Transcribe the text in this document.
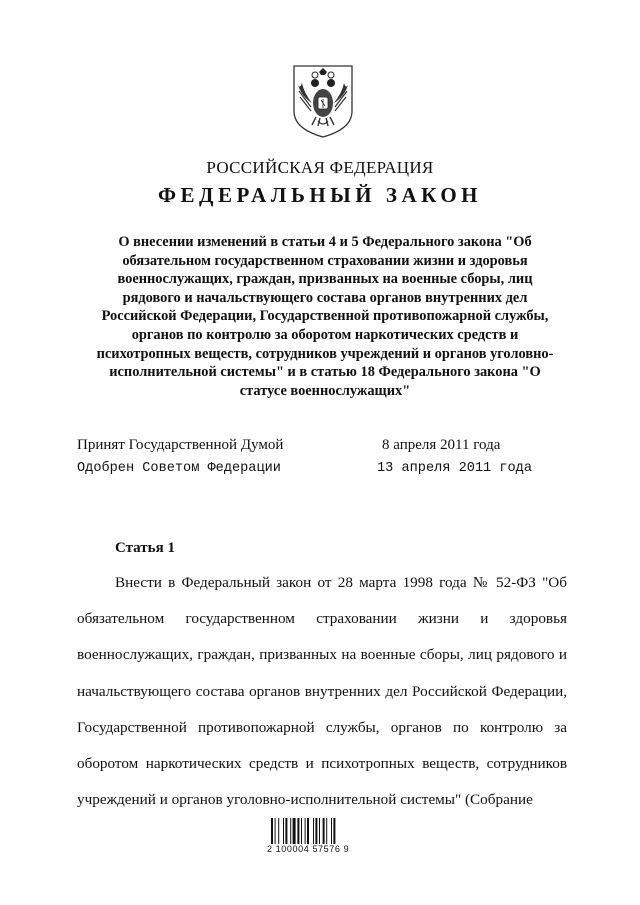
РОССИЙСКАЯ ФЕДЕРАЦИЯ
ФЕДЕРАЛЬНЫЙ ЗАКОН
О внесении изменений в статьи 4 и 5 Федерального закона "Об обязательном государственном страховании жизни и здоровья военнослужащих, граждан, призванных на военные сборы, лиц рядового и начальствующего состава органов внутренних дел Российской Федерации, Государственной противопожарной службы, органов по контролю за оборотом наркотических средств и психотропных веществ, сотрудников учреждений и органов уголовно-исполнительной системы" и в статью 18 Федерального закона "О статусе военнослужащих"
Принят Государственной Думой	8 апреля 2011 года
Одобрен Советом Федерации	13 апреля 2011 года
Статья 1

Внести в Федеральный закон от 28 марта 1998 года № 52-ФЗ "Об обязательном государственном страховании жизни и здоровья военнослужащих, граждан, призванных на военные сборы, лиц рядового и начальствующего состава органов внутренних дел Российской Федерации, Государственной противопожарной службы, органов по контролю за оборотом наркотических средств и психотропных веществ, сотрудников учреждений и органов уголовно-исполнительной системы" (Собрание

2 100004 57576 9
